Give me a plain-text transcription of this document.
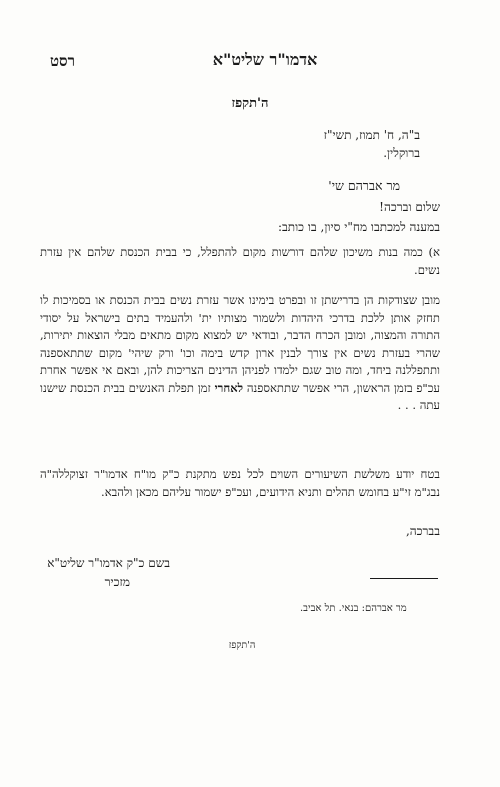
רסט	אדמו"ר שליט"א
ה'תקפז
ב"ה, ח' תמוז, תשי"ז
ברוקלין.
מר אברהם שי'
שלום וברכה!
במענה למכתבו מח"י סיון, בו כותב:
א) כמה בנות משיכון שלהם דורשות מקום להתפלל, כי בבית הכנסת שלהם אין עזרת נשים.
מובן שצודקות הן בדרישתן זו ובפרט בימינו אשר עזרת נשים בבית הכנסת או בסמיכות לו תחזק אותן ללכת בדרכי היהדות ולשמור מצותיו ית' ולהעמיד בתים בישראל על יסודי התורה והמצוה, ומובן הכרח הדבר, ובודאי יש למצוא מקום מתאים מבלי הוצאות יתירות, שהרי בעזרת נשים אין צורך לבנין ארון קדש בימה וכו' ורק שיהי' מקום שתתאספנה ותתפללנה ביחד, ומה טוב שגם ילמדו לפניהן הדינים הצריכות להן, ובאם אי אפשר אחרת עכ"פ בזמן הראשון, הרי אפשר שתתאספנה לאחרי זמן תפלת האנשים בבית הכנסת שישנו עתה . . .
בטח יודע משלשת השיעורים השוים לכל נפש מתקנת כ"ק מו"ח אדמו"ר זצוקללה"ה נבג"מ זי"ע בחומש תהלים ותניא הידועים, ועכ"פ ישמור עליהם מכאן ולהבא.
בברכה,
בשם כ"ק אדמו"ר שליט"א
מזכיר
ה'תקפז
מר אברהם: בנאי. תל אביב.
